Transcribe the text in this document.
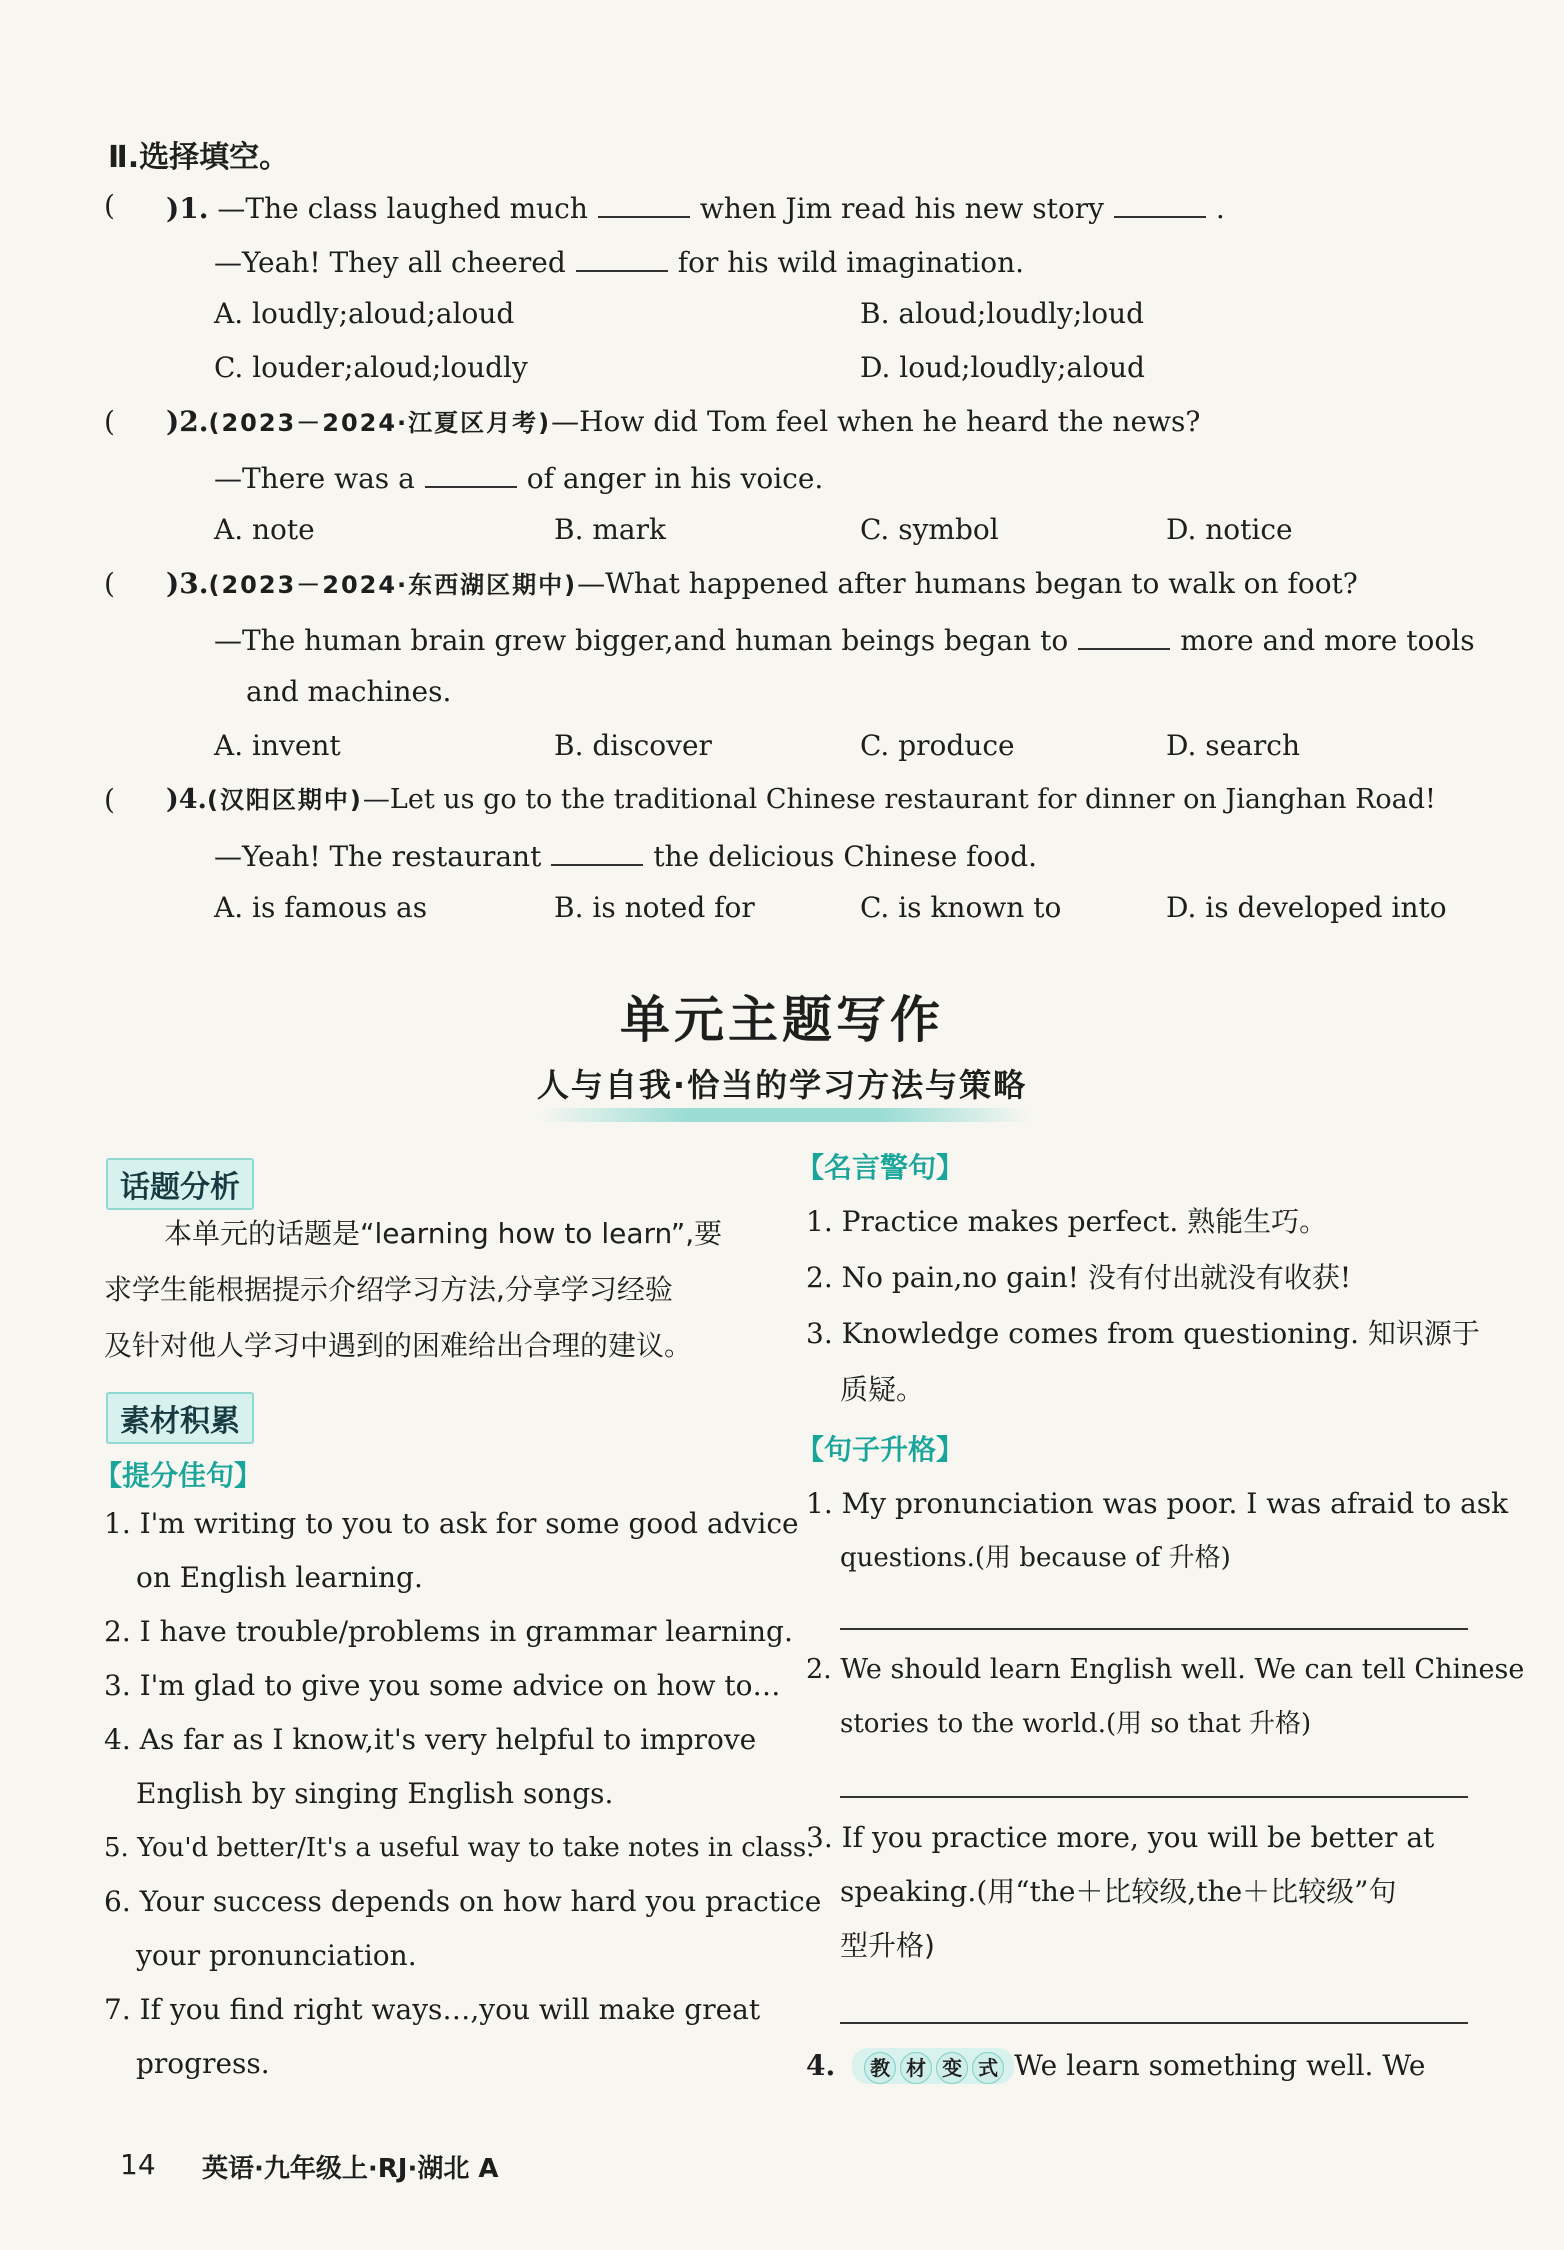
Ⅱ.选择填空。
( )1. —The class laughed much	when Jim read his new story	.
—Yeah! They all cheered	for his wild imagination.
A. loudly;aloud;aloud	B. aloud;loudly;loud
C. louder;aloud;loudly	D. loud;loudly;aloud
( )2.(2023－2024·江夏区月考)—How did Tom feel when he heard the news?
—There was a	of anger in his voice.
A. note	B. mark	C. symbol	D. notice
( )3.(2023－2024·东西湖区期中)—What happened after humans began to walk on foot?
—The human brain grew bigger,and human beings began to	more and more tools
and machines.
A. invent	B. discover	C. produce	D. search
( )4.(汉阳区期中)—Let us go to the traditional Chinese restaurant for dinner on Jianghan Road!
—Yeah! The restaurant	the delicious Chinese food.
A. is famous as	B. is noted for	C. is known to	D. is developed into
单元主题写作
人与自我·恰当的学习方法与策略
话题分析
本单元的话题是“learning how to learn”,要
求学生能根据提示介绍学习方法,分享学习经验
及针对他人学习中遇到的困难给出合理的建议。
素材积累
【提分佳句】
1. I'm writing to you to ask for some good advice
on English learning.
2. I have trouble/problems in grammar learning.
3. I'm glad to give you some advice on how to…
4. As far as I know,it's very helpful to improve
English by singing English songs.
5. You'd better/It's a useful way to take notes in class.
6. Your success depends on how hard you practice
your pronunciation.
7. If you find right ways…,you will make great
progress.
【名言警句】
1. Practice makes perfect. 熟能生巧。
2. No pain,no gain! 没有付出就没有收获!
3. Knowledge comes from questioning. 知识源于
质疑。
【句子升格】
1. My pronunciation was poor. I was afraid to ask
questions.(用 because of 升格)
2. We should learn English well. We can tell Chinese
stories to the world.(用 so that 升格)
3. If you practice more, you will be better at
speaking.(用“the＋比较级,the＋比较级”句
型升格)
4. 教 材 变 式 We learn something well. We
14 英语·九年级上·RJ·湖北 A
